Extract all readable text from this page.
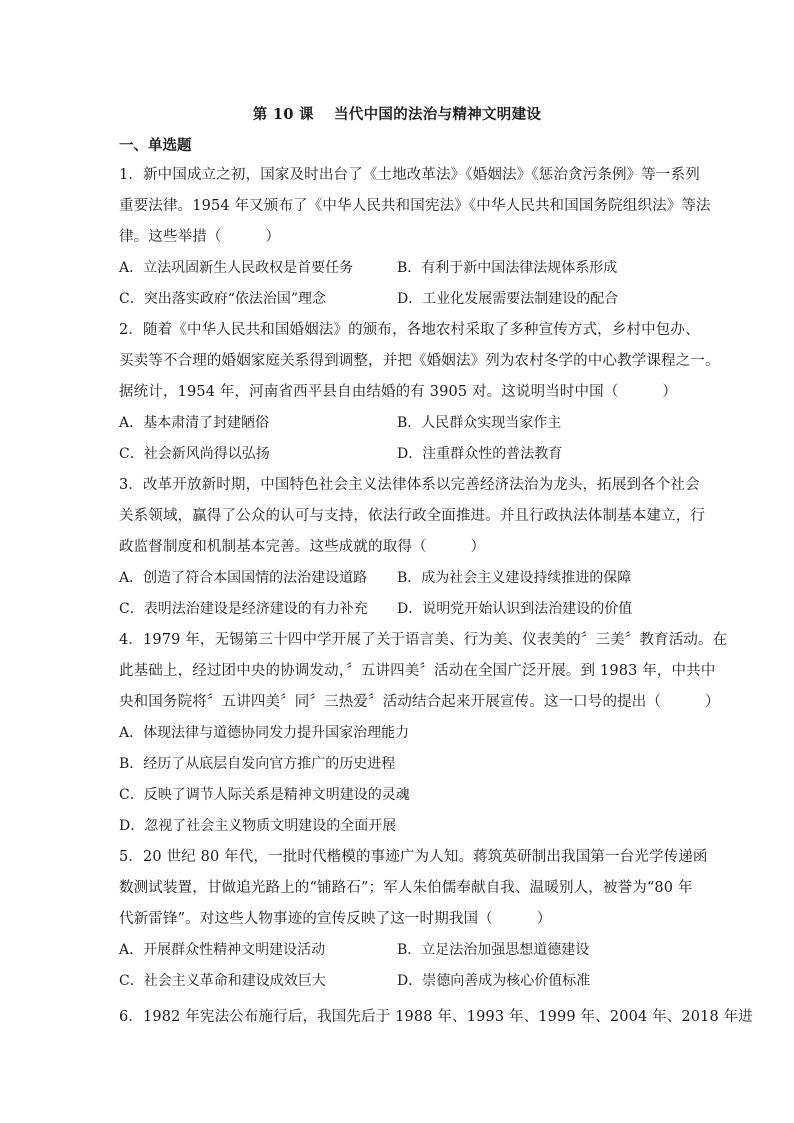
第 10 课　 当代中国的法治与精神文明建设
一、单选题
1．新中国成立之初，国家及时出台了《土地改革法》《婚姻法》《惩治贪污条例》等一系列
重要法律。1954 年又颁布了《中华人民共和国宪法》《中华人民共和国国务院组织法》等法
律。这些举措（　　　）
A．立法巩固新生人民政权是首要任务	B．有利于新中国法律法规体系形成
C．突出落实政府“依法治国”理念	D．工业化发展需要法制建设的配合
2．随着《中华人民共和国婚姻法》的颁布，各地农村采取了多种宣传方式，乡村中包办、
买卖等不合理的婚姻家庭关系得到调整，并把《婚姻法》列为农村冬学的中心教学课程之一。
据统计，1954 年，河南省西平县自由结婚的有 3905 对。这说明当时中国（　　　）
A．基本肃清了封建陋俗	B．人民群众实现当家作主
C．社会新风尚得以弘扬	D．注重群众性的普法教育
3．改革开放新时期，中国特色社会主义法律体系以完善经济法治为龙头，拓展到各个社会
关系领域，赢得了公众的认可与支持，依法行政全面推进。并且行政执法体制基本建立，行
政监督制度和机制基本完善。这些成就的取得（　　　）
A．创造了符合本国国情的法治建设道路 B．成为社会主义建设持续推进的保障
C．表明法治建设是经济建设的有力补充 D．说明党开始认识到法治建设的价值
4．1979 年，无锡第三十四中学开展了关于语言美、行为美、仪表美的〞三美〞教育活动。在
此基础上，经过团中央的协调发动，〞五讲四美〞活动在全国广泛开展。到 1983 年，中共中
央和国务院将〞五讲四美〞同〞三热爱〞活动结合起来开展宣传。这一口号的提出（　　　）
A．体现法律与道德协同发力提升国家治理能力
B．经历了从底层自发向官方推广的历史进程
C．反映了调节人际关系是精神文明建设的灵魂
D．忽视了社会主义物质文明建设的全面开展
5．20 世纪 80 年代，一批时代楷模的事迹广为人知。蒋筑英研制出我国第一台光学传递函
数测试装置，甘做追光路上的“铺路石”；军人朱伯儒奉献自我、温暖别人，被誉为“80 年
代新雷锋”。对这些人物事迹的宣传反映了这一时期我国（　　　）
A．开展群众性精神文明建设活动	B．立足法治加强思想道德建设
C．社会主义革命和建设成效巨大	D．崇德向善成为核心价值标准
6．1982 年宪法公布施行后，我国先后于 1988 年、1993 年、1999 年、2004 年、2018 年进
